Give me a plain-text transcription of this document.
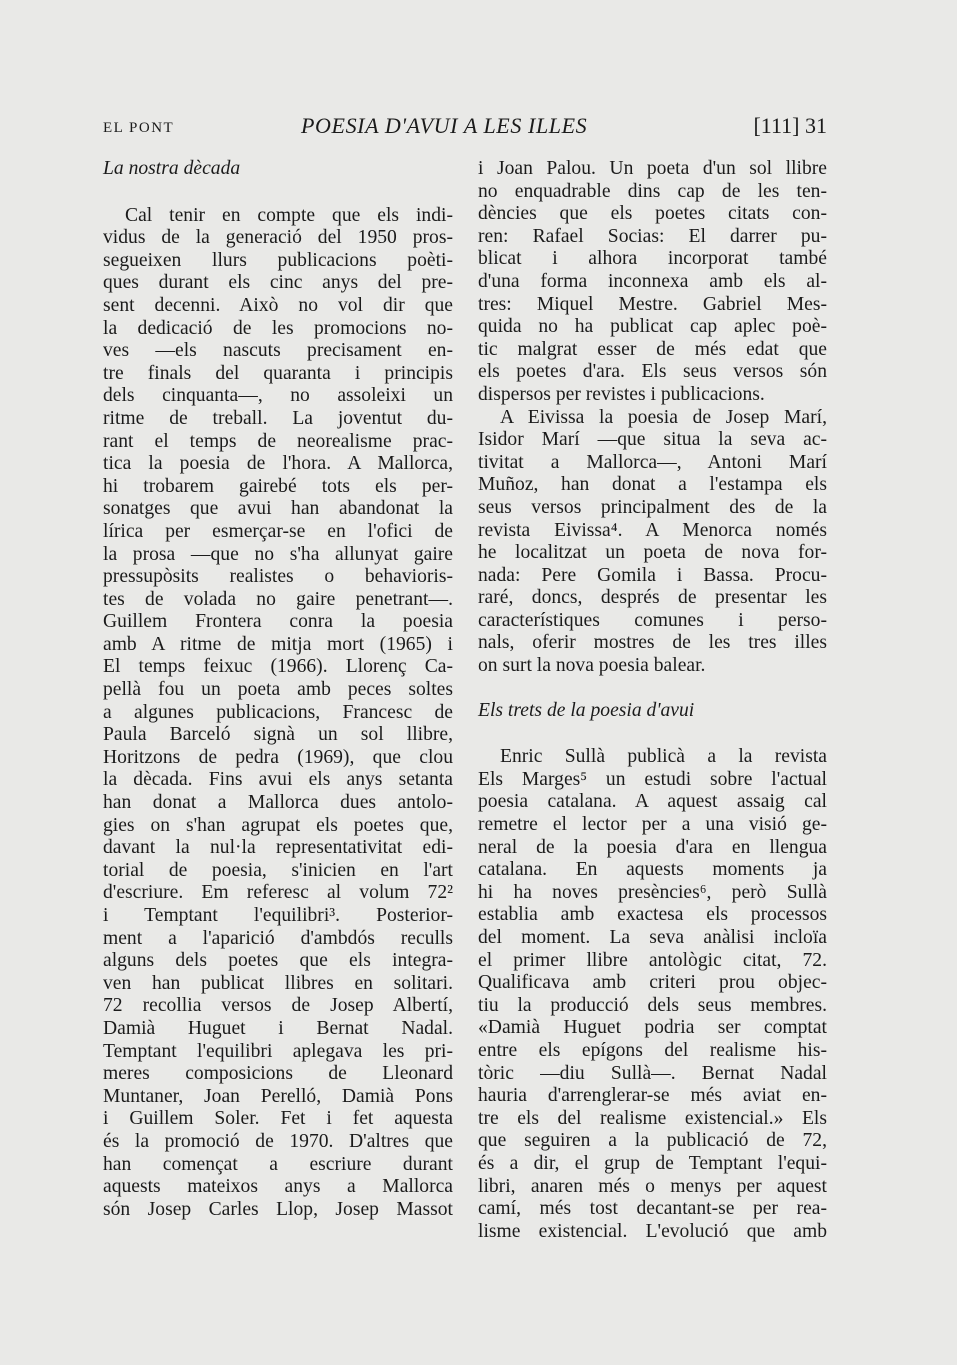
EL PONT	POESIA D'AVUI A LES ILLES	[111] 31
La nostra dècada
Cal tenir en compte que els indi-
vidus de la generació del 1950 pros-
segueixen llurs publicacions poèti-
ques durant els cinc anys del pre-
sent decenni. Això no vol dir que
la dedicació de les promocions no-
ves —els nascuts precisament en-
tre finals del quaranta i principis
dels cinquanta—, no assoleixi un
ritme de treball. La joventut du-
rant el temps de neorealisme prac-
tica la poesia de l'hora. A Mallorca,
hi trobarem gairebé tots els per-
sonatges que avui han abandonat la
lírica per esmerçar-se en l'ofici de
la prosa —que no s'ha allunyat gaire
pressupòsits realistes o behavioris-
tes de volada no gaire penetrant—.
Guillem Frontera conra la poesia
amb A ritme de mitja mort (1965) i
El temps feixuc (1966). Llorenç Ca-
pellà fou un poeta amb peces soltes
a algunes publicacions, Francesc de
Paula Barceló signà un sol llibre,
Horitzons de pedra (1969), que clou
la dècada. Fins avui els anys setanta
han donat a Mallorca dues antolo-
gies on s'han agrupat els poetes que,
davant la nul·la representativitat edi-
torial de poesia, s'inicien en l'art
d'escriure. Em referesc al volum 72²
i Temptant l'equilibri³. Posterior-
ment a l'aparició d'ambdós reculls
alguns dels poetes que els integra-
ven han publicat llibres en solitari.
72 recollia versos de Josep Albertí,
Damià Huguet i Bernat Nadal.
Temptant l'equilibri aplegava les pri-
meres composicions de Lleonard
Muntaner, Joan Perelló, Damià Pons
i Guillem Soler. Fet i fet aquesta
és la promoció de 1970. D'altres que
han començat a escriure durant
aquests mateixos anys a Mallorca
són Josep Carles Llop, Josep Massot
i Joan Palou. Un poeta d'un sol llibre
no enquadrable dins cap de les ten-
dències que els poetes citats con-
ren: Rafael Socias: El darrer pu-
blicat i alhora incorporat també
d'una forma inconnexa amb els al-
tres: Miquel Mestre. Gabriel Mes-
quida no ha publicat cap aplec poè-
tic malgrat esser de més edat que
els poetes d'ara. Els seus versos són
dispersos per revistes i publicacions.
A Eivissa la poesia de Josep Marí,
Isidor Marí —que situa la seva ac-
tivitat a Mallorca—, Antoni Marí
Muñoz, han donat a l'estampa els
seus versos principalment des de la
revista Eivissa⁴. A Menorca només
he localitzat un poeta de nova for-
nada: Pere Gomila i Bassa. Procu-
raré, doncs, després de presentar les
característiques comunes i perso-
nals, oferir mostres de les tres illes
on surt la nova poesia balear.
Els trets de la poesia d'avui
Enric Sullà publicà a la revista
Els Marges⁵ un estudi sobre l'actual
poesia catalana. A aquest assaig cal
remetre el lector per a una visió ge-
neral de la poesia d'ara en llengua
catalana. En aquests moments ja
hi ha noves presències⁶, però Sullà
establia amb exactesa els processos
del moment. La seva anàlisi incloïa
el primer llibre antològic citat, 72.
Qualificava amb criteri prou objec-
tiu la producció dels seus membres.
«Damià Huguet podria ser comptat
entre els epígons del realisme his-
tòric —diu Sullà—. Bernat Nadal
hauria d'arrenglerar-se més aviat en-
tre els del realisme existencial.» Els
que seguiren a la publicació de 72,
és a dir, el grup de Temptant l'equi-
libri, anaren més o menys per aquest
camí, més tost decantant-se per rea-
lisme existencial. L'evolució que amb
